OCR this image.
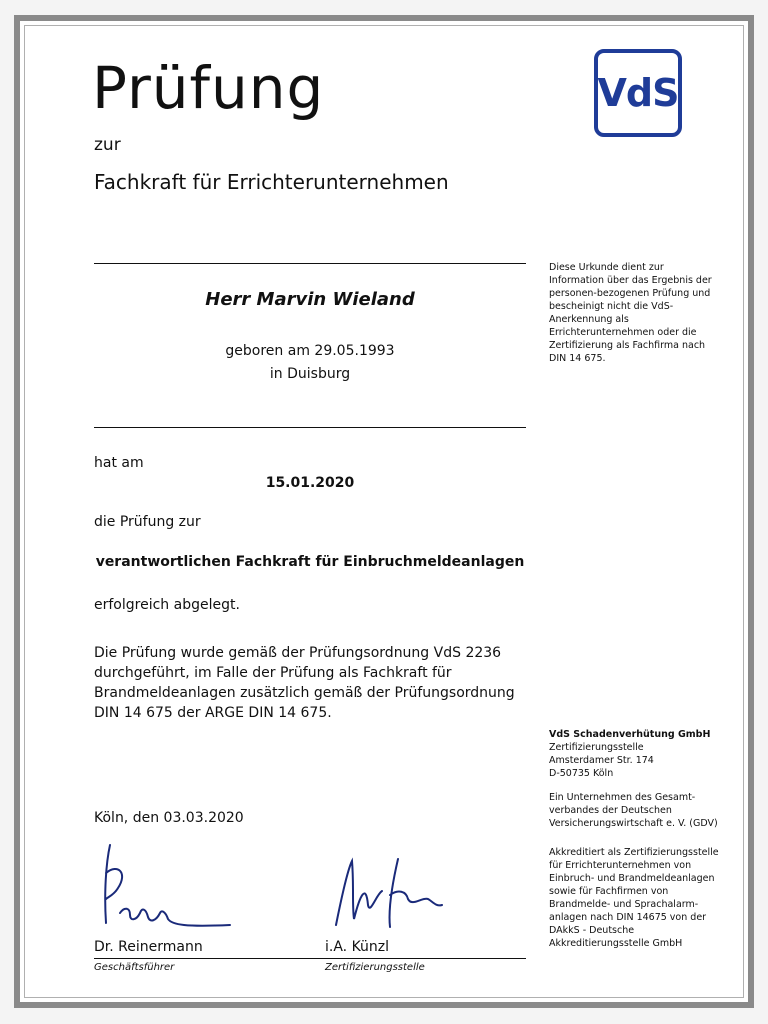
Prüfung
zur
Fachkraft für Errichterunternehmen
VdS
Herr Marvin Wieland
geboren am 29.05.1993
in Duisburg
hat am
15.01.2020
die Prüfung zur
verantwortlichen Fachkraft für Einbruchmeldeanlagen
erfolgreich abgelegt.
Die Prüfung wurde gemäß der Prüfungsordnung VdS 2236
durchgeführt, im Falle der Prüfung als Fachkraft für
Brandmeldeanlagen zusätzlich gemäß der Prüfungsordnung
DIN 14 675 der ARGE DIN 14 675.
Köln, den 03.03.2020
Dr. Reinermann	i.A. Künzl
Geschäftsführer	Zertifizierungsstelle
Diese Urkunde dient zur
Information über das Ergebnis der
personen-bezogenen Prüfung und
bescheinigt nicht die VdS-
Anerkennung als
Errichterunternehmen oder die
Zertifizierung als Fachfirma nach
DIN 14 675.
VdS Schadenverhütung GmbH
Zertifizierungsstelle
Amsterdamer Str. 174
D-50735 Köln
Ein Unternehmen des Gesamt-
verbandes der Deutschen
Versicherungswirtschaft e. V. (GDV)
Akkreditiert als Zertifizierungsstelle
für Errichterunternehmen von
Einbruch- und Brandmeldeanlagen
sowie für Fachfirmen von
Brandmelde- und Sprachalarm-
anlagen nach DIN 14675 von der
DAkkS - Deutsche
Akkreditierungsstelle GmbH
